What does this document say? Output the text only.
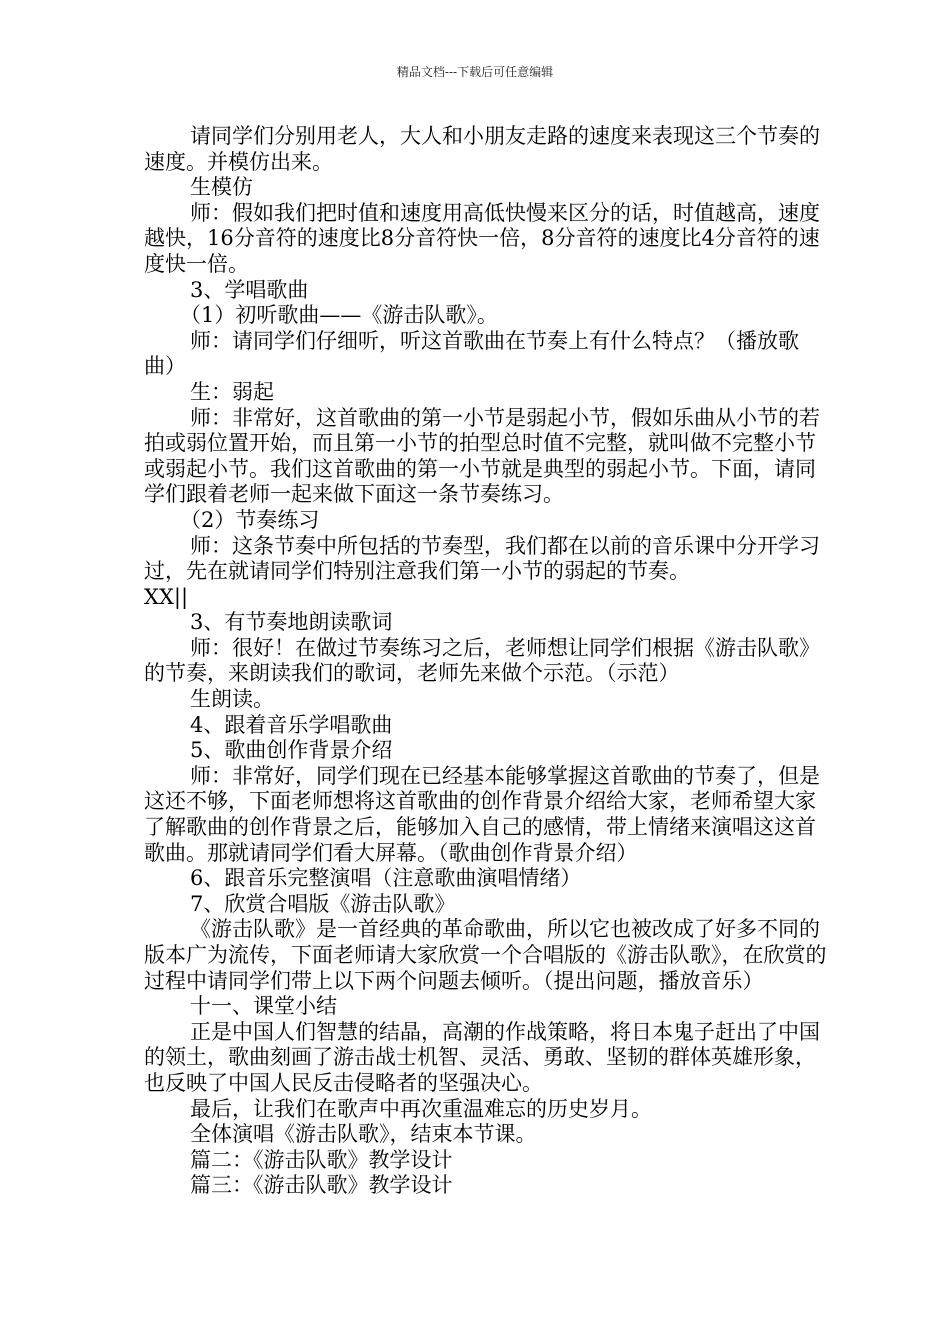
精品文档---下载后可任意编辑

请同学们分别用老人，大人和小朋友走路的速度来表现这三个节奏的速度。并模仿出来。

生模仿

师：假如我们把时值和速度用高低快慢来区分的话，时值越高，速度越快，16分音符的速度比8分音符快一倍，8分音符的速度比4分音符的速度快一倍。

3、学唱歌曲

（1）初听歌曲——《游击队歌》。

师：请同学们仔细听，听这首歌曲在节奏上有什么特点？（播放歌曲）

生：弱起

师：非常好，这首歌曲的第一小节是弱起小节，假如乐曲从小节的若拍或弱位置开始，而且第一小节的拍型总时值不完整，就叫做不完整小节或弱起小节。我们这首歌曲的第一小节就是典型的弱起小节。下面，请同学们跟着老师一起来做下面这一条节奏练习。

（2）节奏练习

师：这条节奏中所包括的节奏型，我们都在以前的音乐课中分开学习过，先在就请同学们特别注意我们第一小节的弱起的节奏。

XX||

3、有节奏地朗读歌词

师：很好！在做过节奏练习之后，老师想让同学们根据《游击队歌》的节奏，来朗读我们的歌词，老师先来做个示范。（示范）

生朗读。

4、跟着音乐学唱歌曲

5、歌曲创作背景介绍

师：非常好，同学们现在已经基本能够掌握这首歌曲的节奏了，但是这还不够，下面老师想将这首歌曲的创作背景介绍给大家，老师希望大家了解歌曲的创作背景之后，能够加入自己的感情，带上情绪来演唱这这首歌曲。那就请同学们看大屏幕。（歌曲创作背景介绍）

6、跟音乐完整演唱（注意歌曲演唱情绪）

7、欣赏合唱版《游击队歌》

《游击队歌》是一首经典的革命歌曲，所以它也被改成了好多不同的版本广为流传，下面老师请大家欣赏一个合唱版的《游击队歌》，在欣赏的过程中请同学们带上以下两个问题去倾听。（提出问题，播放音乐）

十一、课堂小结

正是中国人们智慧的结晶，高潮的作战策略，将日本鬼子赶出了中国的领土，歌曲刻画了游击战士机智、灵活、勇敢、坚韧的群体英雄形象，也反映了中国人民反击侵略者的坚强决心。

最后，让我们在歌声中再次重温难忘的历史岁月。

全体演唱《游击队歌》，结束本节课。

篇二：《游击队歌》教学设计

篇三：《游击队歌》教学设计
